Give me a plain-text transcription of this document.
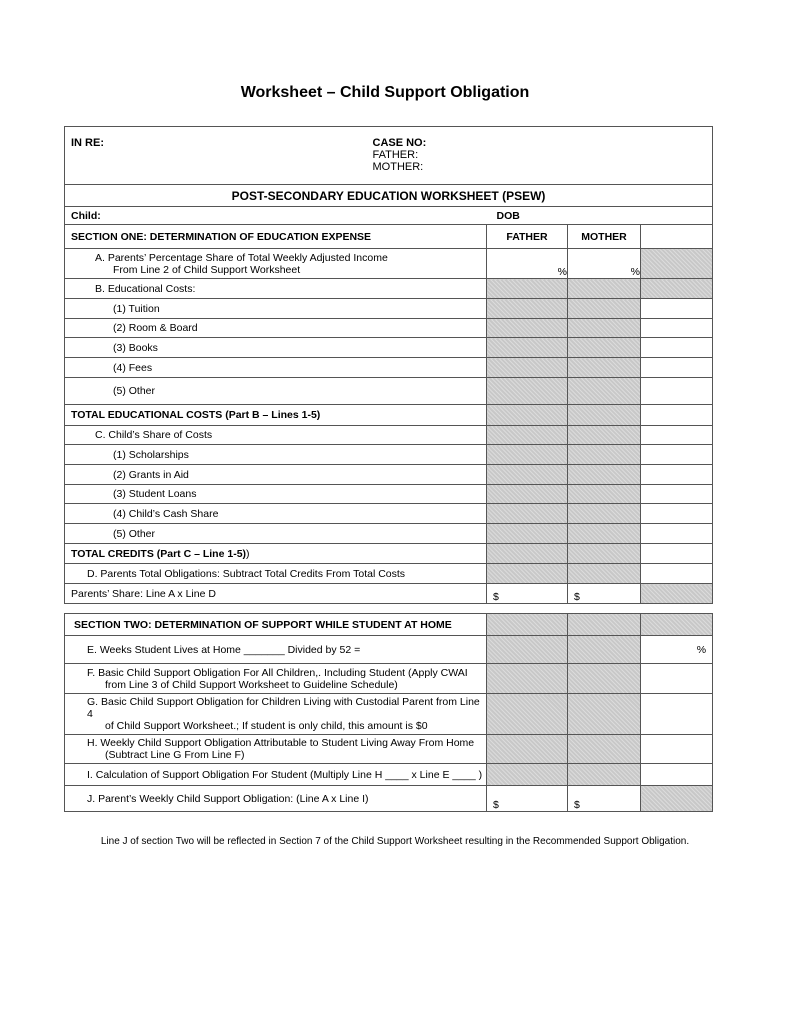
Worksheet – Child Support Obligation
IN RE:	CASE NO:
FATHER:
MOTHER:		

POST-SECONDARY EDUCATION WORKSHEET (PSEW)			
Child:	DOB		
SECTION ONE: DETERMINATION OF EDUCATION EXPENSE	FATHER	MOTHER	

A. Parents’ Percentage Share of Total Weekly Adjusted Income
From Line 2 of Child Support Worksheet	%	%	
B. Educational Costs:			
(1) Tuition			
(2) Room & Board			
(3) Books			
(4) Fees			
(5) Other			
TOTAL EDUCATIONAL COSTS (Part B – Lines 1-5)			
C. Child’s Share of Costs			
(1) Scholarships			
(2) Grants in Aid			
(3) Student Loans			
(4) Child’s Cash Share			
(5) Other			
TOTAL CREDITS (Part C – Line 1-5))			
D. Parents Total Obligations: Subtract Total Credits From Total Costs			
Parents’ Share: Line A x Line D	$	$	

SECTION TWO: DETERMINATION OF SUPPORT WHILE STUDENT AT HOME			
E. Weeks Student Lives at Home _______ Divided by 52 =			%

F. Basic Child Support Obligation For All Children,. Including Student (Apply CWAI
from Line 3 of Child Support Worksheet to Guideline Schedule)			

G. Basic Child Support Obligation for Children Living with Custodial Parent from Line 4
of Child Support Worksheet.; If student is only child, this amount is $0			

H. Weekly Child Support Obligation Attributable to Student Living Away From Home
(Subtract Line G From Line F)			

I. Calculation of Support Obligation For Student (Multiply Line H ____ x Line E ____ )			
J. Parent’s Weekly Child Support Obligation: (Line A x Line I)	$	$	
Line J of section Two will be reflected in Section 7 of the Child Support Worksheet resulting in the Recommended Support Obligation.
